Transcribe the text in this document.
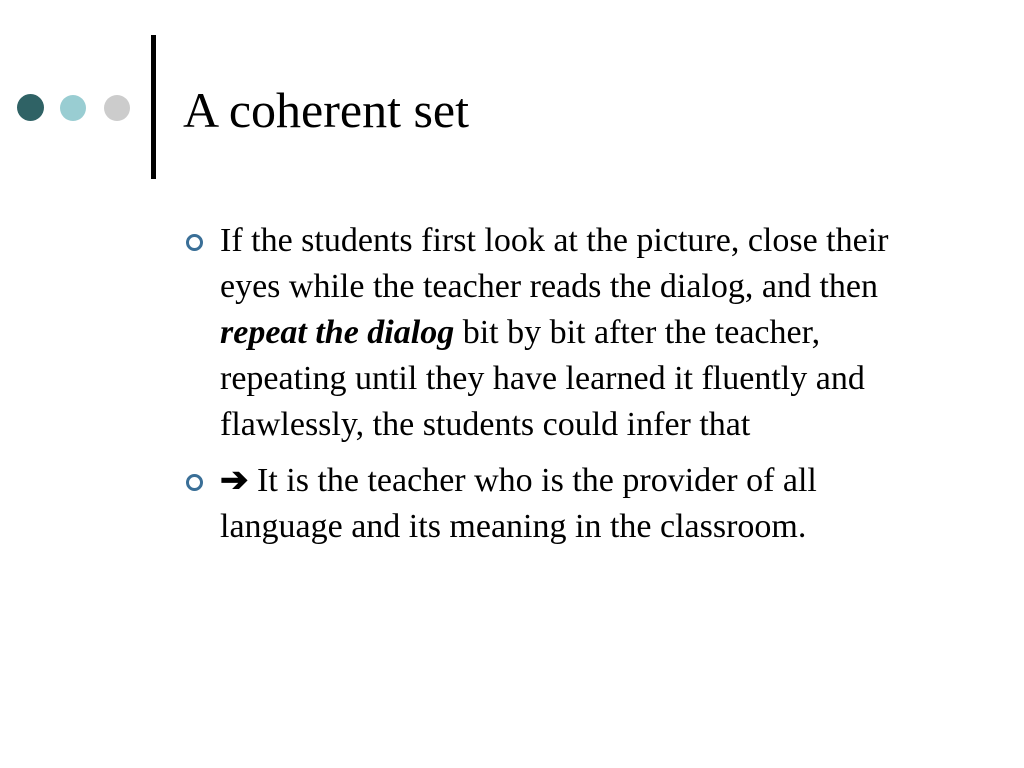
A coherent set
If the students first look at the picture, close their eyes while the teacher reads the dialog, and then repeat the dialog bit by bit after the teacher, repeating until they have learned it fluently and flawlessly, the students could infer that
➔ It is the teacher who is the provider of all language and its meaning in the classroom.
